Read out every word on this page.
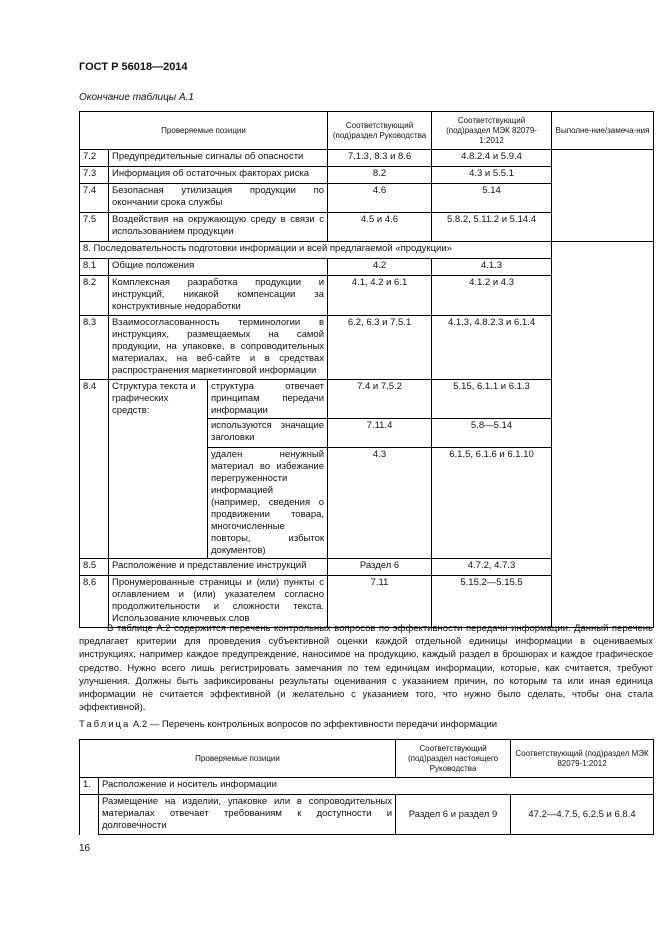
ГОСТ Р 56018—2014
Окончание таблицы А.1
Проверяемые позиции			Соответствующий (под)раздел Руководства	Соответствующий (под)раздел МЭК 82079-1:2012	Выполне-ние/замеча-ния
7.2	Предупредительные сигналы об опасности		7.1.3, 8.3 и 8.6	4.8.2.4 и 5.9.4	
7.3	Информация об остаточных факторах риска		8.2	4.3 и 5.5.1	
7.4	Безопасная утилизация продукции по окончании срока службы		4.6	5.14	
7.5	Воздействия на окружающую среду в связи с использованием продукции		4.5 и 4.6	5.8.2, 5.11.2 и 5.14.4	
8. Последовательность подготовки информации и всей предлагаемой «продукции»					
8.1	Общие положения		4.2	4.1.3	
8.2	Комплексная разработка продукции и инструкций, никакой компенсации за конструктивные недоработки		4.1, 4.2 и 6.1	4.1.2 и 4.3	
8.3	Взаимосогласованность терминологии в инструкциях, размещаемых на самой продукции, на упаковке, в сопроводительных материалах, на веб-сайте и в средствах распространения маркетинговой информации		6.2, 6.3 и 7.5.1	4.1.3, 4.8.2.3 и 6.1.4	
8.4	Структура текста и графических средств:	структура отвечает принципам передачи информации	7.4 и 7.5.2	5.15, 6.1.1 и 6.1.3	
		используются значащие заголовки	7.11.4	5.8—5.14	
		удален ненужный материал во избежание перегруженности информацией (например, сведения о продвижении товара, многочисленные повторы, избыток документов)	4.3	6.1.5, 6.1.6 и 6.1.10	
8.5	Расположение и представление инструкций		Раздел 6	4.7.2, 4.7.3	
8.6	Пронумерованные страницы и (или) пункты с оглавлением и (или) указателем согласно продолжительности и сложности текста. Использование ключевых слов		7.11	5.15.2—5.15.5	

В таблице А.2 содержится перечень контрольных вопросов по эффективности передачи информации. Данный перечень предлагает критерии для проведения субъективной оценки каждой отдельной единицы информации в оцениваемых инструкциях, например каждое предупреждение, наносимое на продукцию, каждый раздел в брошюрах и каждое графическое средство. Нужно всего лишь регистрировать замечания по тем единицам информации, которые, как считается, требуют улучшения. Должны быть зафиксированы результаты оценивания с указанием причин, по которым та или иная единица информации не считается эффективной (и желательно с указанием того, что нужно было сделать, чтобы она стала эффективной).

Таблица А.2 — Перечень контрольных вопросов по эффективности передачи информации
Проверяемые позиции		Соответствующий (под)раздел настоящего Руководства	Соответствующий (под)раздел МЭК 82079-1:2012
1.	Расположение и носитель информации		
	Размещение на изделии, упаковке или в сопроводительных материалах отвечает требованиям к доступности и долговечности	Раздел 6 и раздел 9	47.2—4.7.5, 6.2.5 и 6.8.4
16
